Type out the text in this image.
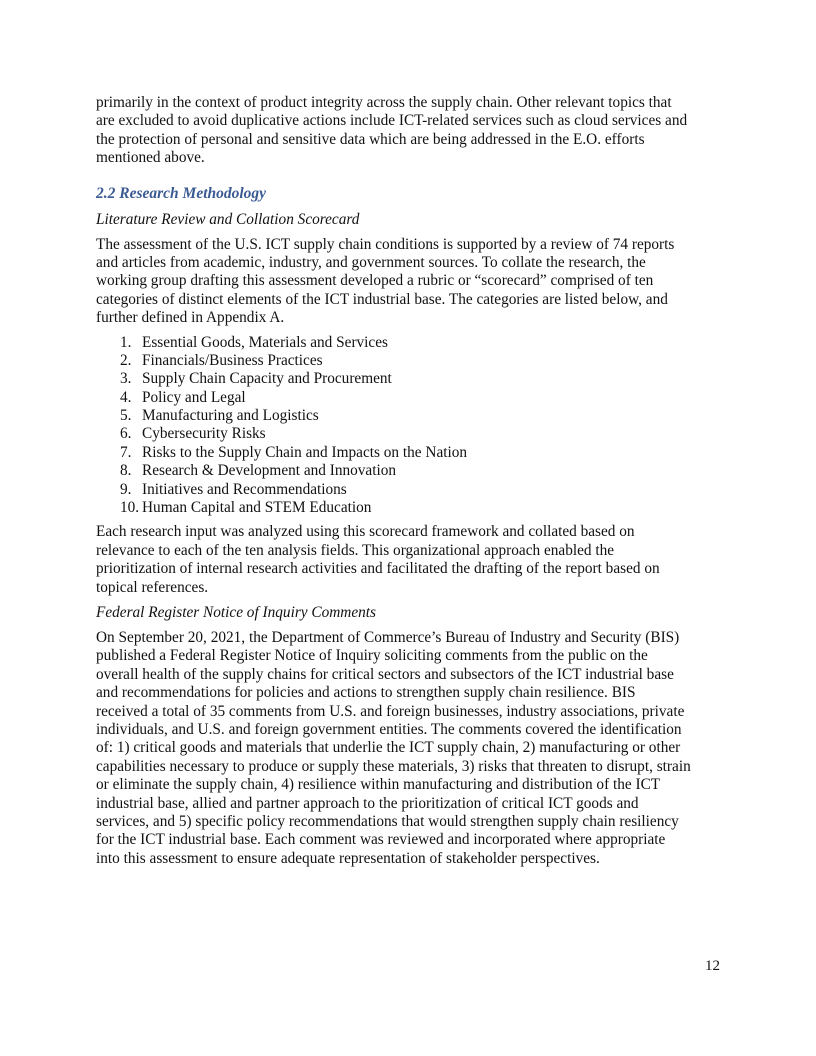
primarily in the context of product integrity across the supply chain. Other relevant topics that
are excluded to avoid duplicative actions include ICT-related services such as cloud services and
the protection of personal and sensitive data which are being addressed in the E.O. efforts
mentioned above.
2.2 Research Methodology
Literature Review and Collation Scorecard
The assessment of the U.S. ICT supply chain conditions is supported by a review of 74 reports
and articles from academic, industry, and government sources. To collate the research, the
working group drafting this assessment developed a rubric or “scorecard” comprised of ten
categories of distinct elements of the ICT industrial base. The categories are listed below, and
further defined in Appendix A.
1. Essential Goods, Materials and Services
2. Financials/Business Practices
3. Supply Chain Capacity and Procurement
4. Policy and Legal
5. Manufacturing and Logistics
6. Cybersecurity Risks
7. Risks to the Supply Chain and Impacts on the Nation
8. Research & Development and Innovation
9. Initiatives and Recommendations
10. Human Capital and STEM Education
Each research input was analyzed using this scorecard framework and collated based on
relevance to each of the ten analysis fields. This organizational approach enabled the
prioritization of internal research activities and facilitated the drafting of the report based on
topical references.
Federal Register Notice of Inquiry Comments
On September 20, 2021, the Department of Commerce’s Bureau of Industry and Security (BIS)
published a Federal Register Notice of Inquiry soliciting comments from the public on the
overall health of the supply chains for critical sectors and subsectors of the ICT industrial base
and recommendations for policies and actions to strengthen supply chain resilience. BIS
received a total of 35 comments from U.S. and foreign businesses, industry associations, private
individuals, and U.S. and foreign government entities. The comments covered the identification
of: 1) critical goods and materials that underlie the ICT supply chain, 2) manufacturing or other
capabilities necessary to produce or supply these materials, 3) risks that threaten to disrupt, strain
or eliminate the supply chain, 4) resilience within manufacturing and distribution of the ICT
industrial base, allied and partner approach to the prioritization of critical ICT goods and
services, and 5) specific policy recommendations that would strengthen supply chain resiliency
for the ICT industrial base. Each comment was reviewed and incorporated where appropriate
into this assessment to ensure adequate representation of stakeholder perspectives.
12
